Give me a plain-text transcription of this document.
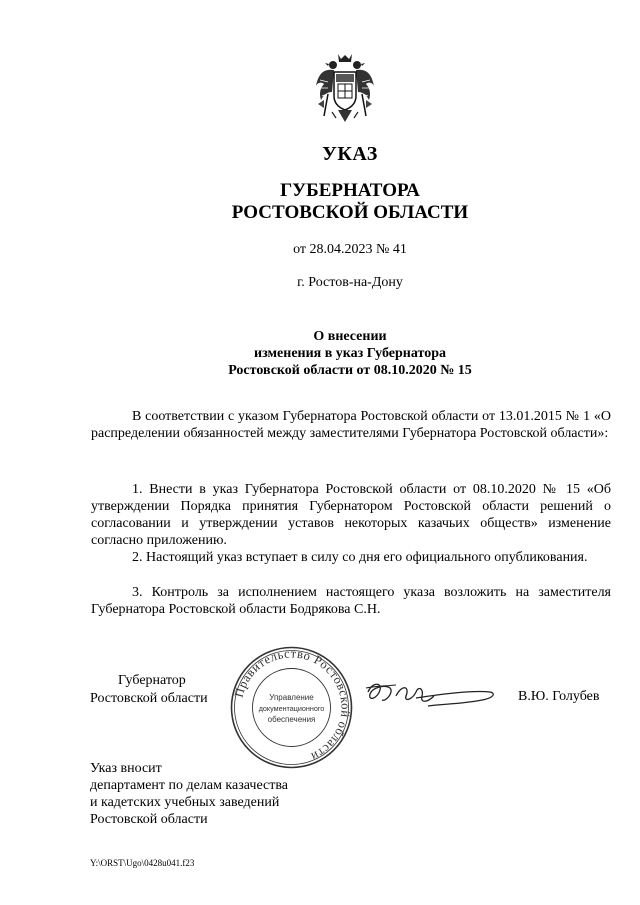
УКАЗ
ГУБЕРНАТОРА
РОСТОВСКОЙ ОБЛАСТИ
от 28.04.2023 № 41
г. Ростов-на-Дону
О внесении
изменения в указ Губернатора
Ростовской области от 08.10.2020 № 15
В соответствии с указом Губернатора Ростовской области от 13.01.2015 № 1 «О распределении обязанностей между заместителями Губернатора Ростовской области»:
1. Внести в указ Губернатора Ростовской области от 08.10.2020 № 15 «Об утверждении Порядка принятия Губернатором Ростовской области решений о согласовании и утверждении уставов некоторых казачьих обществ» изменение согласно приложению.
2. Настоящий указ вступает в силу со дня его официального опубликования.
3. Контроль за исполнением настоящего указа возложить на заместителя Губернатора Ростовской области Бодрякова С.Н.
Губернатор
Ростовской области Правительство Ростовской области
Управление
документационного
обеспечения
В.Ю. Голубев
Указ вносит
департамент по делам казачества
и кадетских учебных заведений
Ростовской области
Y:\ORST\Ugo\0428u041.f23
